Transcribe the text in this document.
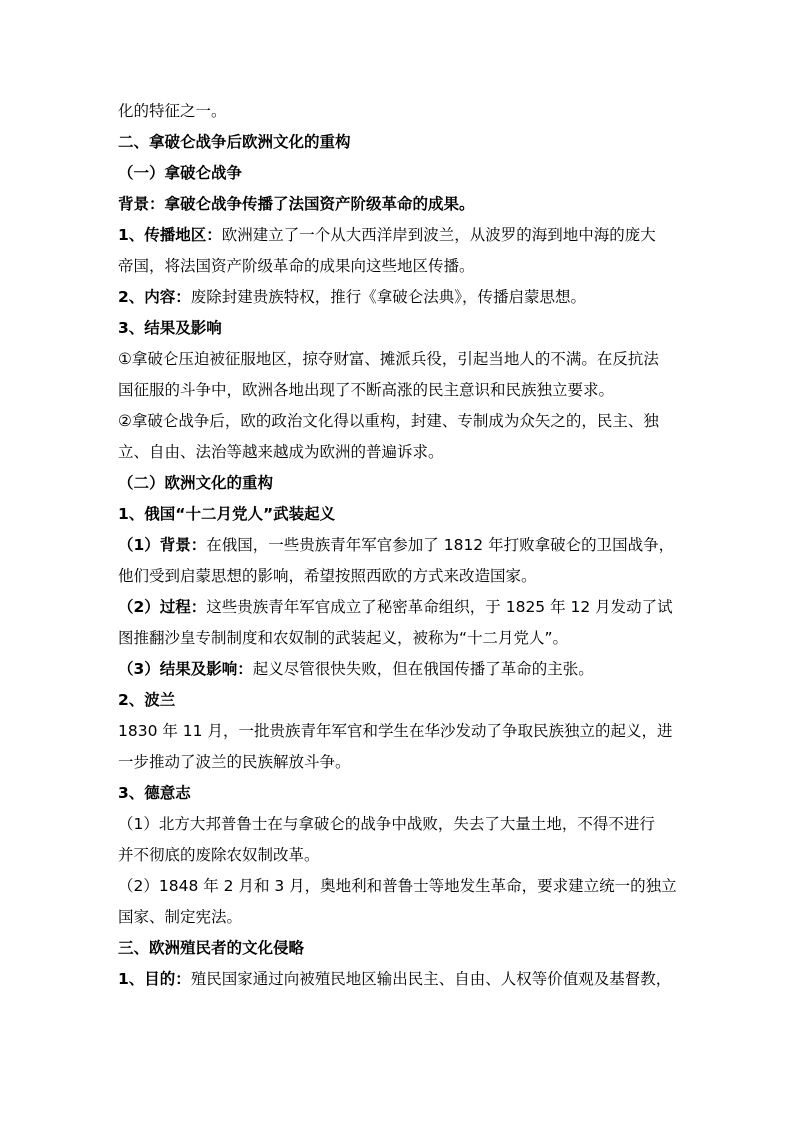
化的特征之一。

二、拿破仑战争后欧洲文化的重构

（一）拿破仑战争

背景：拿破仑战争传播了法国资产阶级革命的成果。

1、传播地区：欧洲建立了一个从大西洋岸到波兰，从波罗的海到地中海的庞大

帝国，将法国资产阶级革命的成果向这些地区传播。

2、内容：废除封建贵族特权，推行《拿破仑法典》，传播启蒙思想。

3、结果及影响

①拿破仑压迫被征服地区，掠夺财富、摊派兵役，引起当地人的不满。在反抗法

国征服的斗争中，欧洲各地出现了不断高涨的民主意识和民族独立要求。

②拿破仑战争后，欧的政治文化得以重构，封建、专制成为众矢之的，民主、独

立、自由、法治等越来越成为欧洲的普遍诉求。

（二）欧洲文化的重构

1、俄国“十二月党人”武装起义

（1）背景：在俄国，一些贵族青年军官参加了 1812 年打败拿破仑的卫国战争，

他们受到启蒙思想的影响，希望按照西欧的方式来改造国家。

（2）过程：这些贵族青年军官成立了秘密革命组织，于 1825 年 12 月发动了试

图推翻沙皇专制制度和农奴制的武装起义，被称为“十二月党人”。

（3）结果及影响：起义尽管很快失败，但在俄国传播了革命的主张。

2、波兰

1830 年 11 月，一批贵族青年军官和学生在华沙发动了争取民族独立的起义，进

一步推动了波兰的民族解放斗争。

3、德意志

（1）北方大邦普鲁士在与拿破仑的战争中战败，失去了大量土地，不得不进行

并不彻底的废除农奴制改革。

（2）1848 年 2 月和 3 月，奥地利和普鲁士等地发生革命，要求建立统一的独立

国家、制定宪法。

三、欧洲殖民者的文化侵略

1、目的：殖民国家通过向被殖民地区输出民主、自由、人权等价值观及基督教，
